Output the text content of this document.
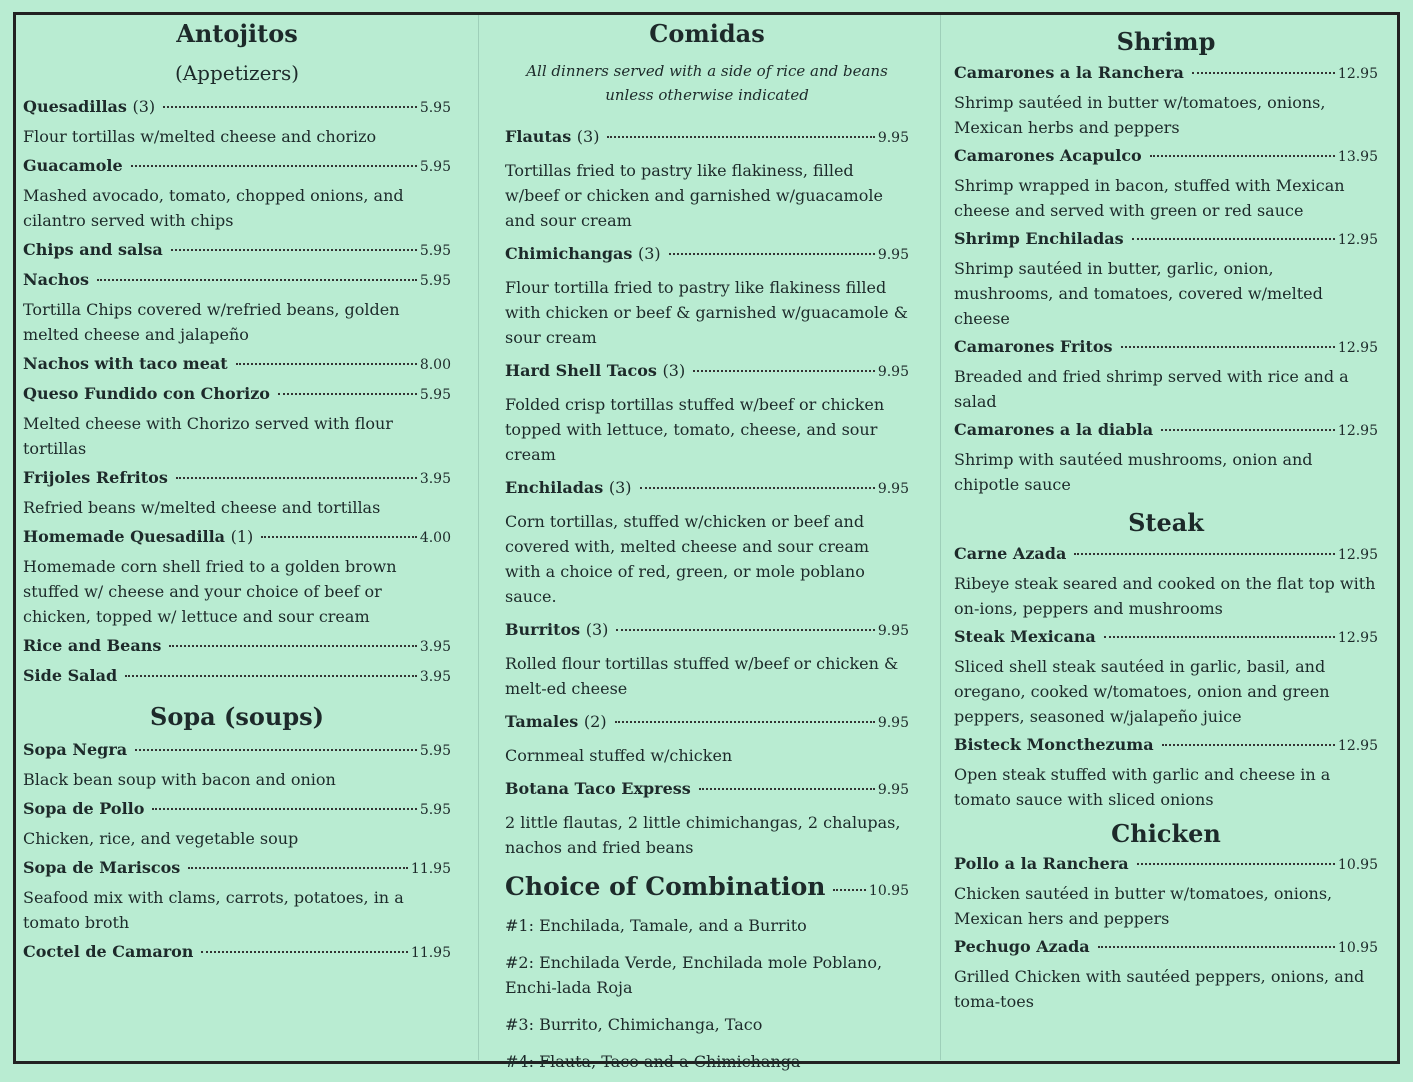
Antojitos
(Appetizers)
Quesadillas (3)	5.95
Flour tortillas w/melted cheese and chorizo
Guacamole	5.95
Mashed avocado, tomato, chopped onions, and cilantro served with chips
Chips and salsa	5.95
Nachos	5.95
Tortilla Chips covered w/refried beans, golden melted cheese and jalapeño
Nachos with taco meat	8.00
Queso Fundido con Chorizo	5.95
Melted cheese with Chorizo served with flour tortillas
Frijoles Refritos	3.95
Refried beans w/melted cheese and tortillas
Homemade Quesadilla (1)	4.00
Homemade corn shell fried to a golden brown stuffed w/ cheese and your choice of beef or chicken, topped w/ lettuce and sour cream
Rice and Beans	3.95
Side Salad	3.95
Sopa (soups)
Sopa Negra	5.95
Black bean soup with bacon and onion
Sopa de Pollo	5.95
Chicken, rice, and vegetable soup
Sopa de Mariscos	11.95
Seafood mix with clams, carrots, potatoes, in a tomato broth
Coctel de Camaron	11.95
Comidas
All dinners served with a side of rice and beans unless otherwise indicated
Flautas (3)	9.95
Tortillas fried to pastry like flakiness, filled w/beef or chicken and garnished w/guacamole and sour cream
Chimichangas (3)	9.95
Flour tortilla fried to pastry like flakiness filled with chicken or beef & garnished w/guacamole & sour cream
Hard Shell Tacos (3)	9.95
Folded crisp tortillas stuffed w/beef or chicken topped with lettuce, tomato, cheese, and sour cream
Enchiladas (3)	9.95
Corn tortillas, stuffed w/chicken or beef and covered with, melted cheese and sour cream with a choice of red, green, or mole poblano sauce.
Burritos (3)	9.95
Rolled flour tortillas stuffed w/beef or chicken & melt-ed cheese
Tamales (2)	9.95
Cornmeal stuffed w/chicken
Botana Taco Express	9.95
2 little flautas, 2 little chimichangas, 2 chalupas, nachos and fried beans
Choice of Combination	10.95
#1: Enchilada, Tamale, and a Burrito
#2: Enchilada Verde, Enchilada mole Poblano, Enchi-lada Roja
#3: Burrito, Chimichanga, Taco
#4: Flauta, Taco and a Chimichanga
Shrimp
Camarones a la Ranchera	12.95
Shrimp sautéed in butter w/tomatoes, onions, Mexican herbs and peppers
Camarones Acapulco	13.95
Shrimp wrapped in bacon, stuffed with Mexican cheese and served with green or red sauce
Shrimp Enchiladas	12.95
Shrimp sautéed in butter, garlic, onion, mushrooms, and tomatoes, covered w/melted cheese
Camarones Fritos	12.95
Breaded and fried shrimp served with rice and a salad
Camarones a la diabla	12.95
Shrimp with sautéed mushrooms, onion and chipotle sauce
Steak
Carne Azada	12.95
Ribeye steak seared and cooked on the flat top with on-ions, peppers and mushrooms
Steak Mexicana	12.95
Sliced shell steak sautéed in garlic, basil, and oregano, cooked w/tomatoes, onion and green peppers, seasoned w/jalapeño juice
Bisteck Moncthezuma	12.95
Open steak stuffed with garlic and cheese in a tomato sauce with sliced onions
Chicken
Pollo a la Ranchera	10.95
Chicken sautéed in butter w/tomatoes, onions, Mexican hers and peppers
Pechugo Azada	10.95
Grilled Chicken with sautéed peppers, onions, and toma-toes
